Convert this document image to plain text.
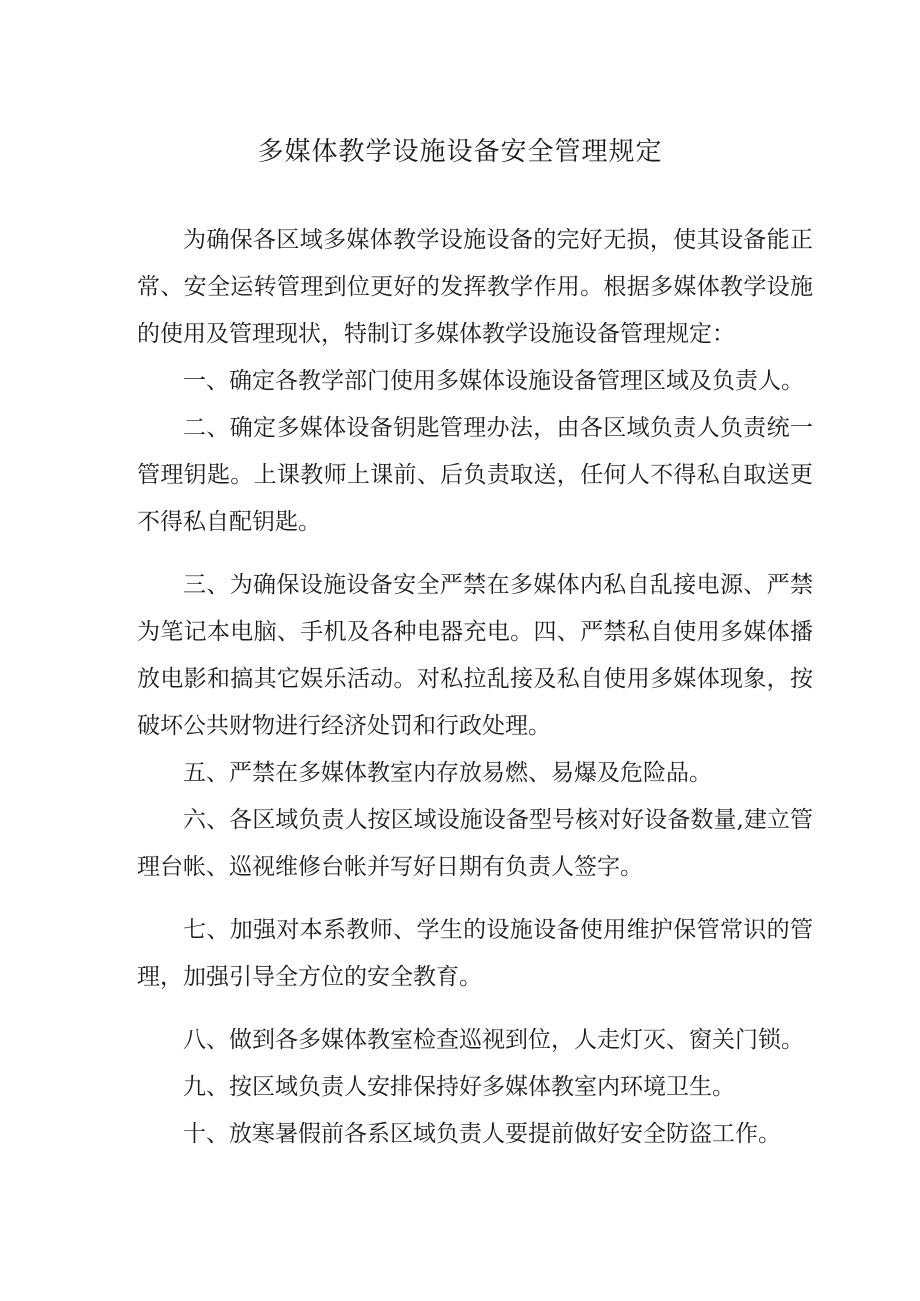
多媒体教学设施设备安全管理规定

为确保各区域多媒体教学设施设备的完好无损，使其设备能正常、安全运转管理到位更好的发挥教学作用。根据多媒体教学设施的使用及管理现状，特制订多媒体教学设施设备管理规定：

一、确定各教学部门使用多媒体设施设备管理区域及负责人。

二、确定多媒体设备钥匙管理办法，由各区域负责人负责统一管理钥匙。上课教师上课前、后负责取送，任何人不得私自取送更不得私自配钥匙。

三、为确保设施设备安全严禁在多媒体内私自乱接电源、严禁为笔记本电脑、手机及各种电器充电。四、严禁私自使用多媒体播放电影和搞其它娱乐活动。对私拉乱接及私自使用多媒体现象，按破坏公共财物进行经济处罚和行政处理。

五、严禁在多媒体教室内存放易燃、易爆及危险品。

六、各区域负责人按区域设施设备型号核对好设备数量,建立管理台帐、巡视维修台帐并写好日期有负责人签字。

七、加强对本系教师、学生的设施设备使用维护保管常识的管理，加强引导全方位的安全教育。

八、做到各多媒体教室检查巡视到位，人走灯灭、窗关门锁。

九、按区域负责人安排保持好多媒体教室内环境卫生。

十、放寒暑假前各系区域负责人要提前做好安全防盗工作。
